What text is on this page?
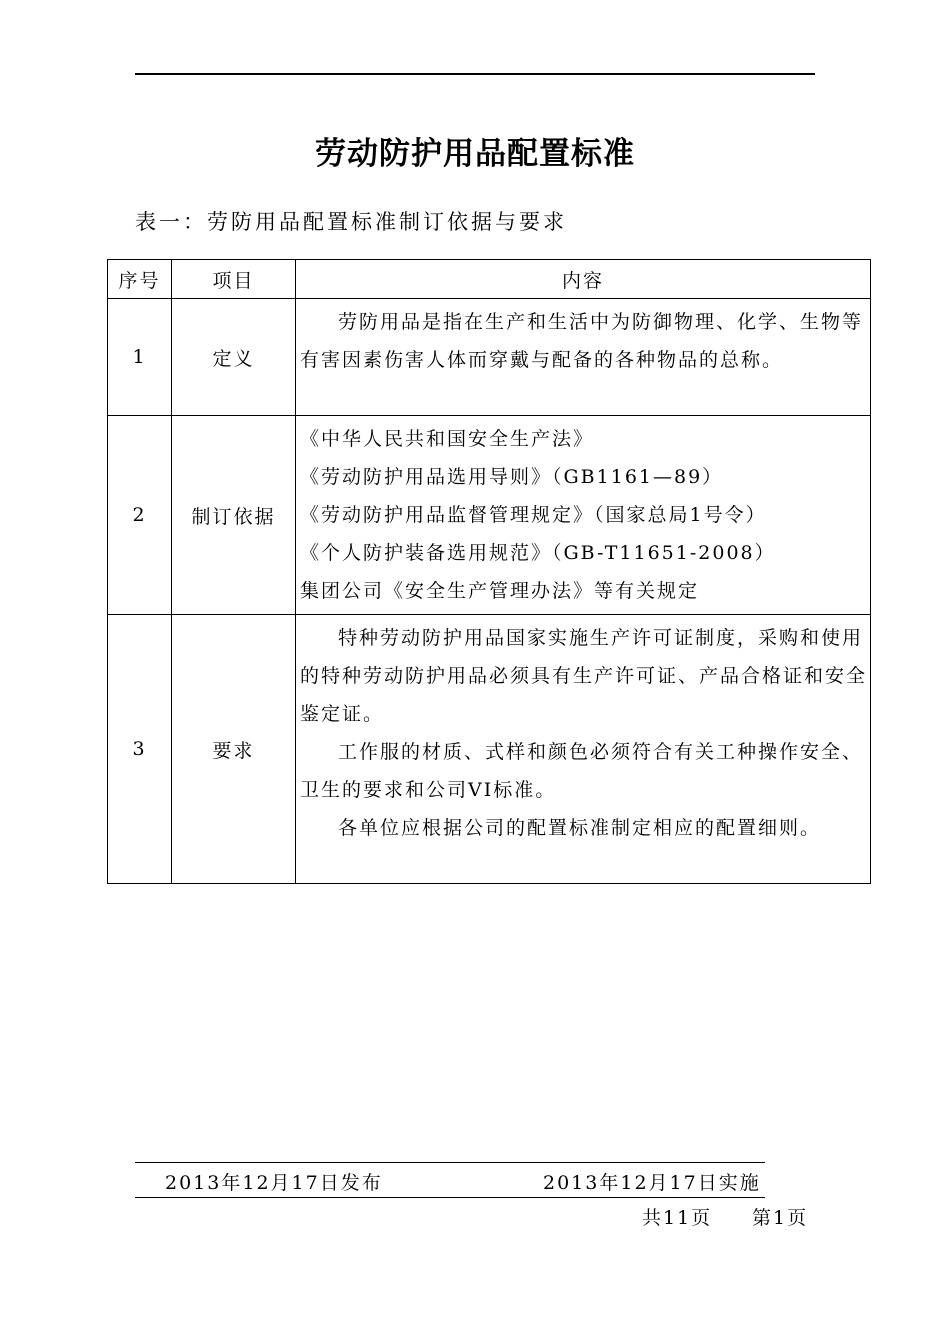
劳动防护用品配置标准
表一：劳防用品配置标准制订依据与要求
序号	项目	内容
1	定义	劳防用品是指在生产和生活中为防御物理、化学、生物等有害因素伤害人体而穿戴与配备的各种物品的总称。

2	制订依据	《中华人民共和国安全生产法》
《劳动防护用品选用导则》（GB1161—89）
《劳动防护用品监督管理规定》（国家总局1号令）
《个人防护装备选用规范》（GB-T11651-2008）
集团公司《安全生产管理办法》等有关规定

3	要求	特种劳动防护用品国家实施生产许可证制度，采购和使用的特种劳动防护用品必须具有生产许可证、产品合格证和安全鉴定证。
工作服的材质、式样和颜色必须符合有关工种操作安全、卫生的要求和公司VI标准。
各单位应根据公司的配置标准制定相应的配置细则。
2013年12月17日发布	2013年12月17日实施
共11页 第1页
